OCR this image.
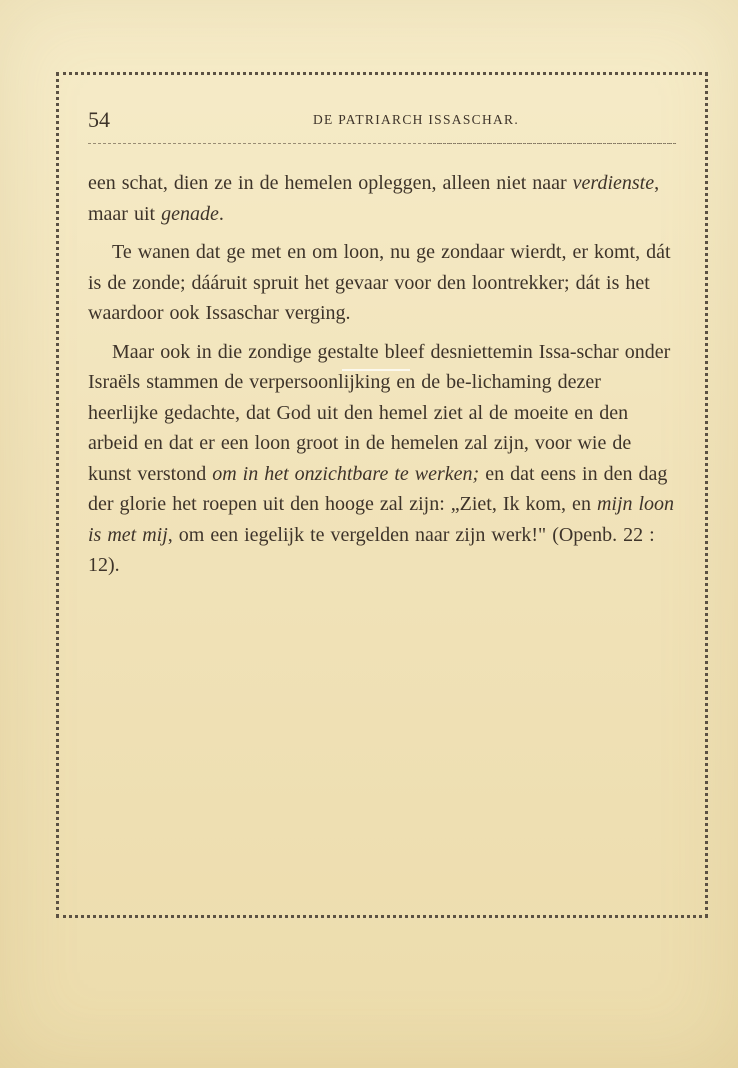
54	DE PATRIARCH ISSASCHAR.

een schat, dien ze in de hemelen opleggen, alleen niet naar verdienste, maar uit genade.

Te wanen dat ge met en om loon, nu ge zondaar wierdt, er komt, dát is de zonde; dááruit spruit het gevaar voor den loontrekker; dát is het waardoor ook Issaschar verging.

Maar ook in die zondige gestalte bleef desniettemin Issa-schar onder Israëls stammen de verpersoonlijking en de be-lichaming dezer heerlijke gedachte, dat God uit den hemel ziet al de moeite en den arbeid en dat er een loon groot in de hemelen zal zijn, voor wie de kunst verstond om in het onzichtbare te werken; en dat eens in den dag der glorie het roepen uit den hooge zal zijn: „Ziet, Ik kom, en mijn loon is met mij, om een iegelijk te vergelden naar zijn werk!" (Openb. 22 : 12).
